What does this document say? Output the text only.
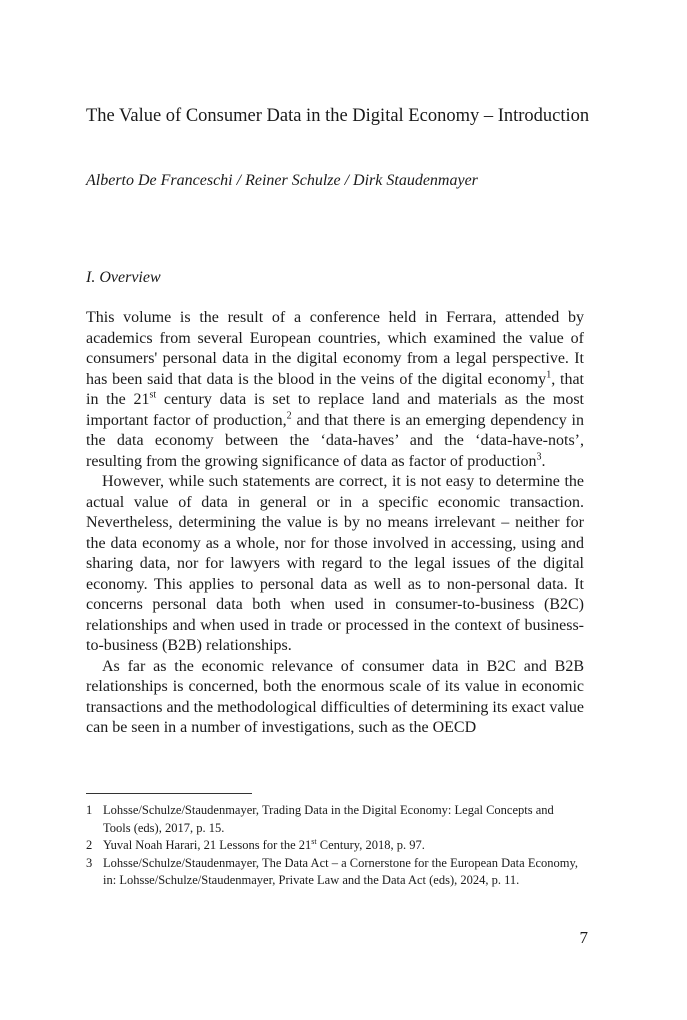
The Value of Consumer Data in the Digital Economy – Introduction
Alberto De Franceschi / Reiner Schulze / Dirk Staudenmayer
I. Overview

This volume is the result of a conference held in Ferrara, attended by academics from several European countries, which examined the value of consumers' personal data in the digital economy from a legal perspective. It has been said that data is the blood in the veins of the digital economy$^1$, that in the 21st century data is set to replace land and materials as the most important factor of production,$^2$ and that there is an emerging dependency in the data economy between the ‘data-haves’ and the ‘data-have-nots’, resulting from the growing significance of data as factor of production$^3$.

However, while such statements are correct, it is not easy to determine the actual value of data in general or in a specific economic transaction. Nevertheless, determining the value is by no means irrelevant – neither for the data economy as a whole, nor for those involved in accessing, using and sharing data, nor for lawyers with regard to the legal issues of the digital economy. This applies to personal data as well as to non-personal data. It concerns personal data both when used in consumer-to-business (B2C) relationships and when used in trade or processed in the context of business-to-business (B2B) relationships.

As far as the economic relevance of consumer data in B2C and B2B relationships is concerned, both the enormous scale of its value in economic transactions and the methodological difficulties of determining its exact value can be seen in a number of investigations, such as the OECD

1 Lohsse/Schulze/Staudenmayer, Trading Data in the Digital Economy: Legal Concepts and Tools (eds), 2017, p. 15.
2 Yuval Noah Harari, 21 Lessons for the 21st Century, 2018, p. 97.
3 Lohsse/Schulze/Staudenmayer, The Data Act – a Cornerstone for the European Data Economy, in: Lohsse/Schulze/Staudenmayer, Private Law and the Data Act (eds), 2024, p. 11.
7
